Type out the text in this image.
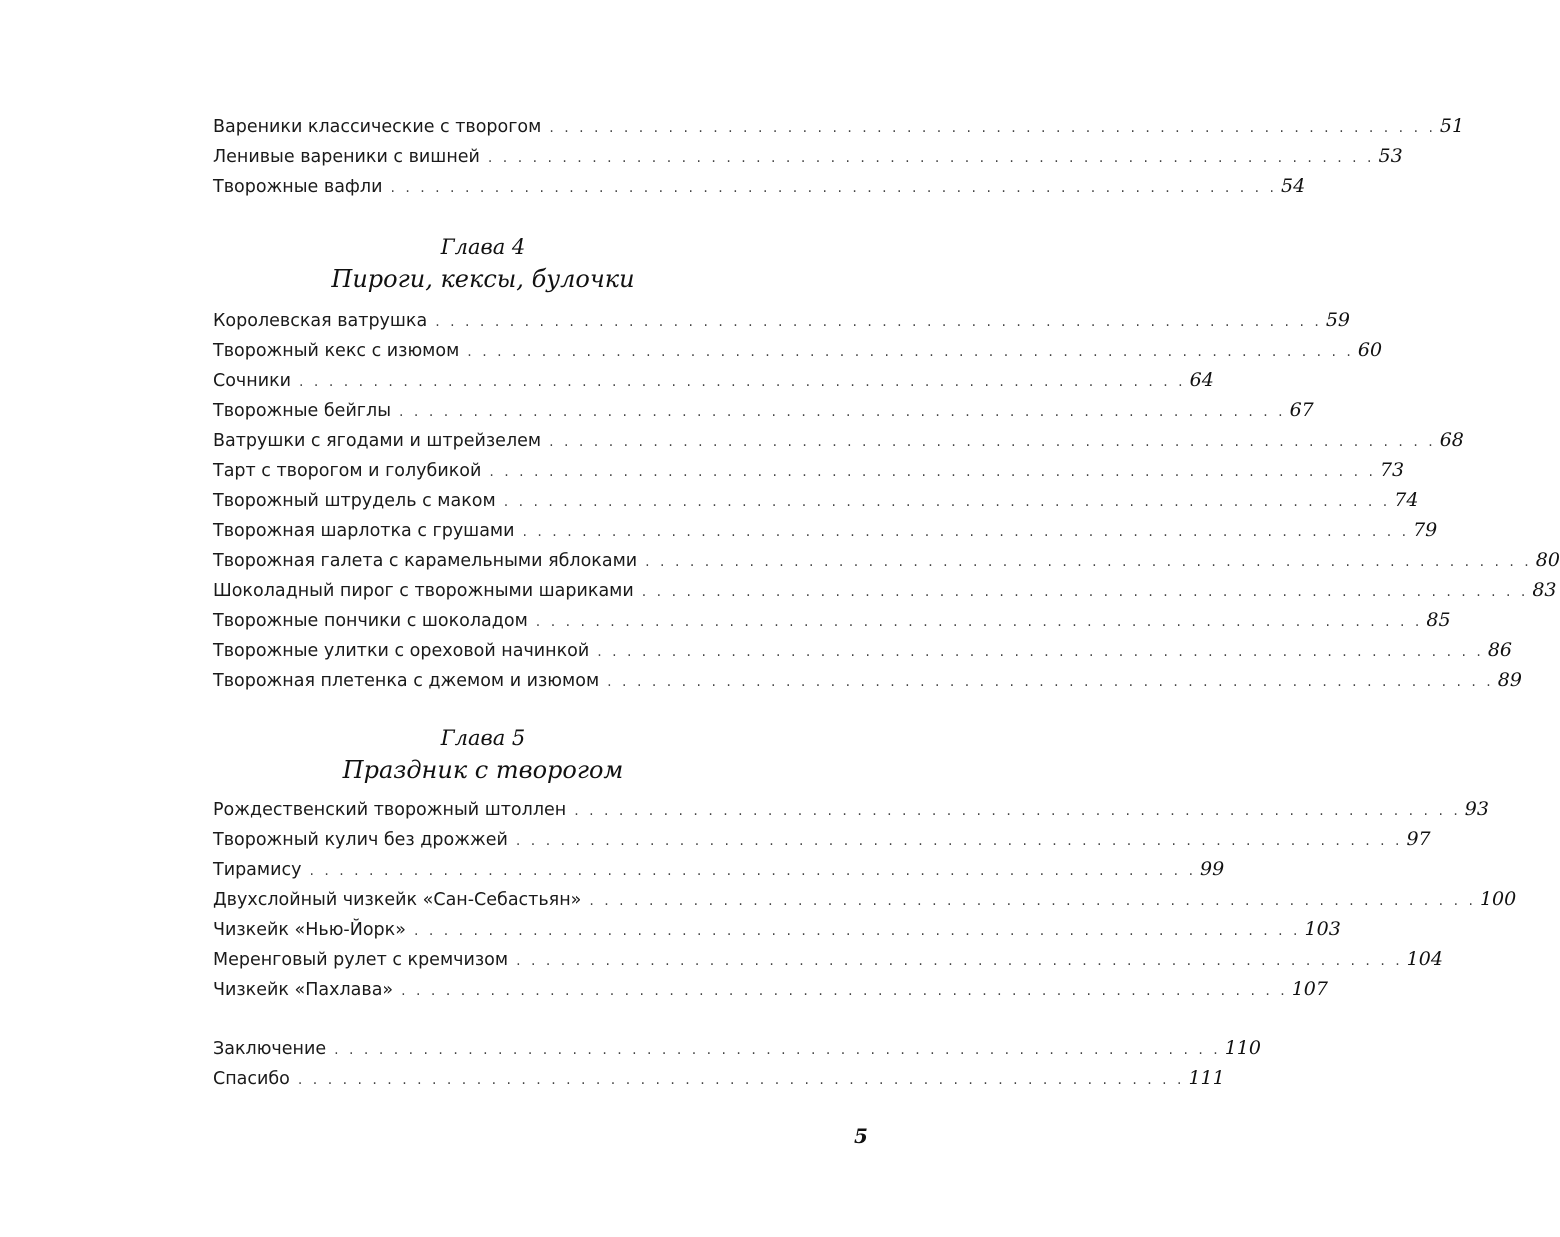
Вареники классические с творогом . . . . . . . . . . . . . . . . . . . . . . . . . . . . . . . . . . . . . . . . . . . . . . . . . . . . . . . . . . . . 51
Ленивые вареники с вишней . . . . . . . . . . . . . . . . . . . . . . . . . . . . . . . . . . . . . . . . . . . . . . . . . . . . . . . . . . . . 53
Творожные вафли . . . . . . . . . . . . . . . . . . . . . . . . . . . . . . . . . . . . . . . . . . . . . . . . . . . . . . . . . . . . 54
Глава 4
Пироги, кексы, булочки
Королевская ватрушка . . . . . . . . . . . . . . . . . . . . . . . . . . . . . . . . . . . . . . . . . . . . . . . . . . . . . . . . . . . . 59
Творожный кекс с изюмом . . . . . . . . . . . . . . . . . . . . . . . . . . . . . . . . . . . . . . . . . . . . . . . . . . . . . . . . . . . . 60
Сочники . . . . . . . . . . . . . . . . . . . . . . . . . . . . . . . . . . . . . . . . . . . . . . . . . . . . . . . . . . . . 64
Творожные бейглы . . . . . . . . . . . . . . . . . . . . . . . . . . . . . . . . . . . . . . . . . . . . . . . . . . . . . . . . . . . . 67
Ватрушки с ягодами и штрейзелем . . . . . . . . . . . . . . . . . . . . . . . . . . . . . . . . . . . . . . . . . . . . . . . . . . . . . . . . . . . . 68
Тарт с творогом и голубикой . . . . . . . . . . . . . . . . . . . . . . . . . . . . . . . . . . . . . . . . . . . . . . . . . . . . . . . . . . . . 73
Творожный штрудель с маком . . . . . . . . . . . . . . . . . . . . . . . . . . . . . . . . . . . . . . . . . . . . . . . . . . . . . . . . . . . . 74
Творожная шарлотка с грушами . . . . . . . . . . . . . . . . . . . . . . . . . . . . . . . . . . . . . . . . . . . . . . . . . . . . . . . . . . . . 79
Творожная галета с карамельными яблоками . . . . . . . . . . . . . . . . . . . . . . . . . . . . . . . . . . . . . . . . . . . . . . . . . . . . . . . . . . . . 80
Шоколадный пирог с творожными шариками . . . . . . . . . . . . . . . . . . . . . . . . . . . . . . . . . . . . . . . . . . . . . . . . . . . . . . . . . . . . 83
Творожные пончики с шоколадом . . . . . . . . . . . . . . . . . . . . . . . . . . . . . . . . . . . . . . . . . . . . . . . . . . . . . . . . . . . . 85
Творожные улитки с ореховой начинкой . . . . . . . . . . . . . . . . . . . . . . . . . . . . . . . . . . . . . . . . . . . . . . . . . . . . . . . . . . . . 86
Творожная плетенка с джемом и изюмом . . . . . . . . . . . . . . . . . . . . . . . . . . . . . . . . . . . . . . . . . . . . . . . . . . . . . . . . . . . . 89
Глава 5
Праздник с творогом
Рождественский творожный штоллен . . . . . . . . . . . . . . . . . . . . . . . . . . . . . . . . . . . . . . . . . . . . . . . . . . . . . . . . . . . . 93
Творожный кулич без дрожжей . . . . . . . . . . . . . . . . . . . . . . . . . . . . . . . . . . . . . . . . . . . . . . . . . . . . . . . . . . . . 97
Тирамису . . . . . . . . . . . . . . . . . . . . . . . . . . . . . . . . . . . . . . . . . . . . . . . . . . . . . . . . . . . . 99
Двухслойный чизкейк «Сан-Себастьян» . . . . . . . . . . . . . . . . . . . . . . . . . . . . . . . . . . . . . . . . . . . . . . . . . . . . . . . . . . . . 100
Чизкейк «Нью-Йорк» . . . . . . . . . . . . . . . . . . . . . . . . . . . . . . . . . . . . . . . . . . . . . . . . . . . . . . . . . . . . 103
Меренговый рулет с кремчизом . . . . . . . . . . . . . . . . . . . . . . . . . . . . . . . . . . . . . . . . . . . . . . . . . . . . . . . . . . . . 104
Чизкейк «Пахлава» . . . . . . . . . . . . . . . . . . . . . . . . . . . . . . . . . . . . . . . . . . . . . . . . . . . . . . . . . . . . 107
Заключение . . . . . . . . . . . . . . . . . . . . . . . . . . . . . . . . . . . . . . . . . . . . . . . . . . . . . . . . . . . . 110
Спасибо . . . . . . . . . . . . . . . . . . . . . . . . . . . . . . . . . . . . . . . . . . . . . . . . . . . . . . . . . . . . 111
5
